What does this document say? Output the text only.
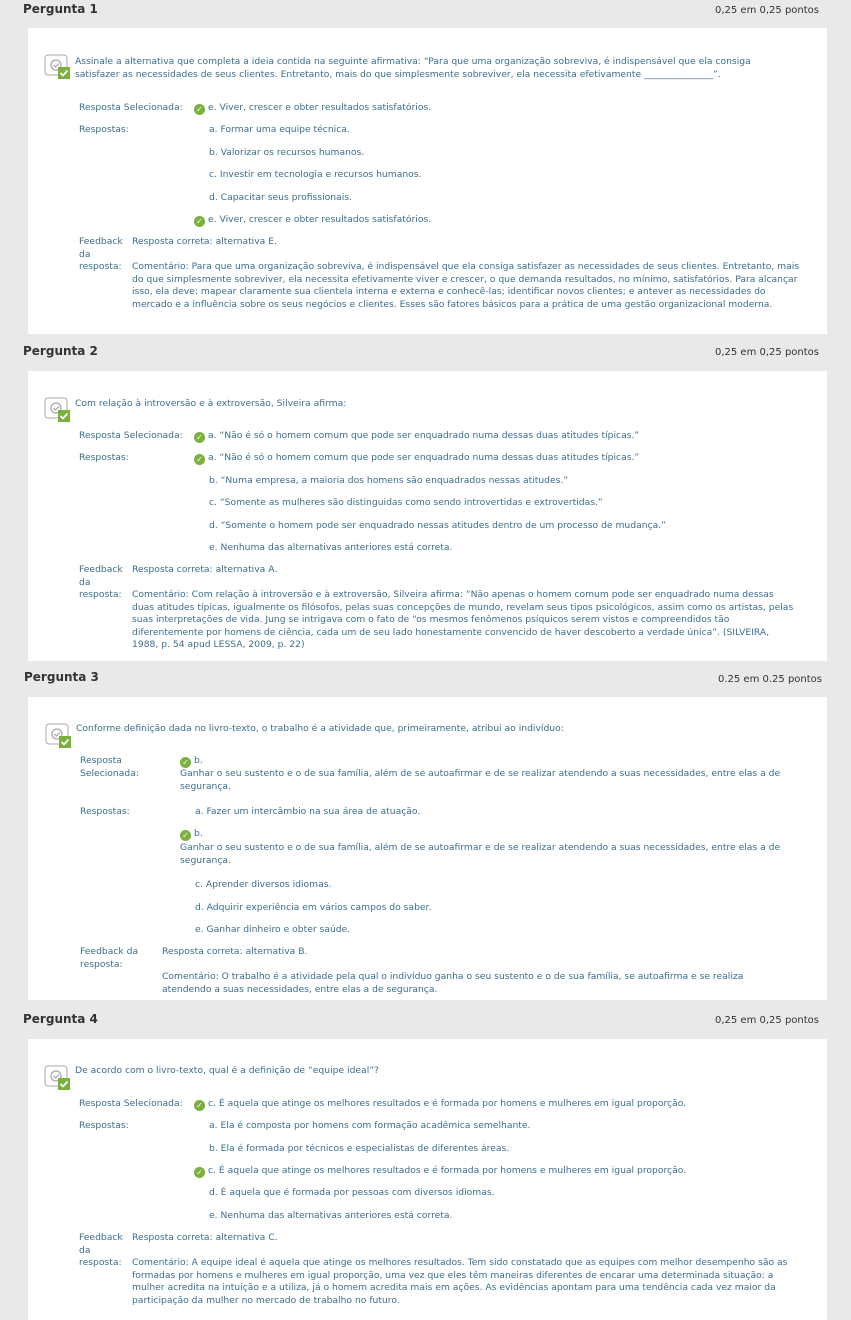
Pergunta 1	0,25 em 0,25 pontos
Assinale a alternativa que completa a ideia contida na seguinte afirmativa: “Para que uma organização sobreviva, é indispensável que ela consiga satisfazer as necessidades de seus clientes. Entretanto, mais do que simplesmente sobreviver, ela necessita efetivamente _______________”.
Resposta Selecionada: ✓ e. Viver, crescer e obter resultados satisfatórios.
Respostas:	a. Formar uma equipe técnica.
b. Valorizar os recursos humanos.
c. Investir em tecnologia e recursos humanos.
d. Capacitar seus profissionais.
✓ e. Viver, crescer e obter resultados satisfatórios.
Feedback
da
resposta:
Resposta correta: alternativa E.
Comentário: Para que uma organização sobreviva, é indispensável que ela consiga satisfazer as necessidades de seus clientes. Entretanto, mais do que simplesmente sobreviver, ela necessita efetivamente viver e crescer, o que demanda resultados, no mínimo, satisfatórios. Para alcançar isso, ela deve: mapear claramente sua clientela interna e externa e conhecê-las; identificar novos clientes; e antever as necessidades do mercado e a influência sobre os seus negócios e clientes. Esses são fatores básicos para a prática de uma gestão organizacional moderna.
Pergunta 2	0,25 em 0,25 pontos
Com relação à introversão e à extroversão, Silveira afirma:
Resposta Selecionada: ✓ a. “Não é só o homem comum que pode ser enquadrado numa dessas duas atitudes típicas.”
Respostas:	✓ a. “Não é só o homem comum que pode ser enquadrado numa dessas duas atitudes típicas.”
b. “Numa empresa, a maioria dos homens são enquadrados nessas atitudes.”
c. “Somente as mulheres são distinguidas como sendo introvertidas e extrovertidas.”
d. “Somente o homem pode ser enquadrado nessas atitudes dentro de um processo de mudança.”
e. Nenhuma das alternativas anteriores está correta.
Feedback
da
resposta:
Resposta correta: alternativa A.
Comentário: Com relação à introversão e à extroversão, Silveira afirma: “Não apenas o homem comum pode ser enquadrado numa dessas duas atitudes típicas, igualmente os filósofos, pelas suas concepções de mundo, revelam seus tipos psicológicos, assim como os artistas, pelas suas interpretações de vida. Jung se intrigava com o fato de “os mesmos fenômenos psíquicos serem vistos e compreendidos tão diferentemente por homens de ciência, cada um de seu lado honestamente convencido de haver descoberto a verdade única”. (SILVEIRA, 1988, p. 54 apud LESSA, 2009, p. 22)
Pergunta 3	0.25 em 0.25 pontos
Conforme definição dada no livro-texto, o trabalho é a atividade que, primeiramente, atribui ao indivíduo:
Resposta
Selecionada:
✓ b.
Ganhar o seu sustento e o de sua família, além de se autoafirmar e de se realizar atendendo a suas necessidades, entre elas a de segurança.
Respostas:	a. Fazer um intercâmbio na sua área de atuação.
✓ b.
Ganhar o seu sustento e o de sua família, além de se autoafirmar e de se realizar atendendo a suas necessidades, entre elas a de segurança.
c. Aprender diversos idiomas.
d. Adquirir experiência em vários campos do saber.
e. Ganhar dinheiro e obter saúde.
Feedback da
resposta:
Resposta correta: alternativa B.
Comentário: O trabalho é a atividade pela qual o indivíduo ganha o seu sustento e o de sua família, se autoafirma e se realiza atendendo a suas necessidades, entre elas a de segurança.
Pergunta 4	0,25 em 0,25 pontos
De acordo com o livro-texto, qual é a definição de “equipe ideal”?
Resposta Selecionada: ✓ c. É aquela que atinge os melhores resultados e é formada por homens e mulheres em igual proporção.
Respostas:	a. Ela é composta por homens com formação acadêmica semelhante.
b. Ela é formada por técnicos e especialistas de diferentes áreas.
✓ c. É aquela que atinge os melhores resultados e é formada por homens e mulheres em igual proporção.
d. É aquela que é formada por pessoas com diversos idiomas.
e. Nenhuma das alternativas anteriores está correta.
Feedback
da
resposta:
Resposta correta: alternativa C.
Comentário: A equipe ideal é aquela que atinge os melhores resultados. Tem sido constatado que as equipes com melhor desempenho são as formadas por homens e mulheres em igual proporção, uma vez que eles têm maneiras diferentes de encarar uma determinada situação: a mulher acredita na intuição e a utiliza, já o homem acredita mais em ações. As evidências apontam para uma tendência cada vez maior da participação da mulher no mercado de trabalho no futuro.
